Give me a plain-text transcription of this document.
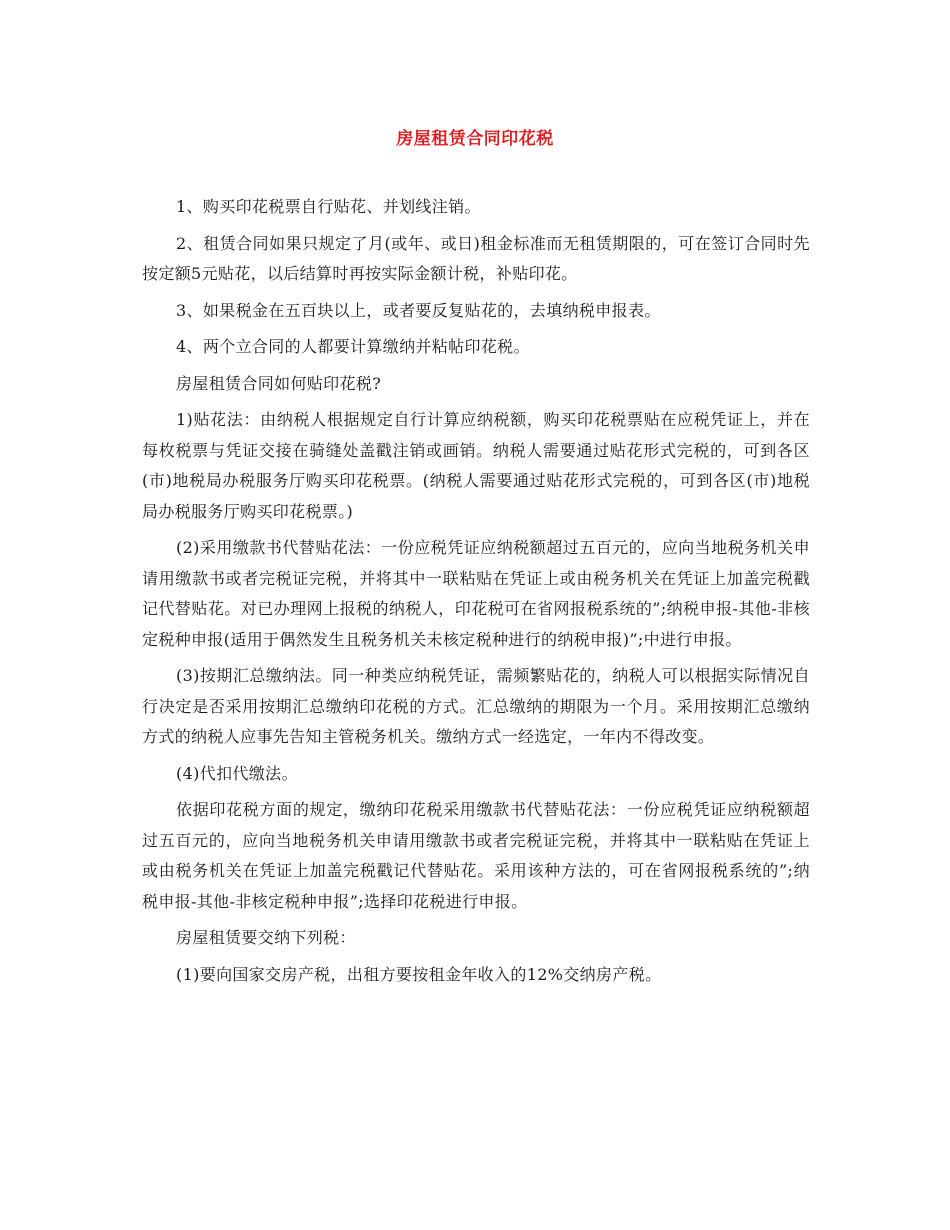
房屋租赁合同印花税

1、购买印花税票自行贴花、并划线注销。

2、租赁合同如果只规定了月(或年、或日)租金标准而无租赁期限的，可在签订合同时先按定额5元贴花，以后结算时再按实际金额计税，补贴印花。

3、如果税金在五百块以上，或者要反复贴花的，去填纳税申报表。

4、两个立合同的人都要计算缴纳并粘帖印花税。

房屋租赁合同如何贴印花税?

1)贴花法：由纳税人根据规定自行计算应纳税额，购买印花税票贴在应税凭证上，并在每枚税票与凭证交接在骑缝处盖戳注销或画销。纳税人需要通过贴花形式完税的，可到各区(市)地税局办税服务厅购买印花税票。(纳税人需要通过贴花形式完税的，可到各区(市)地税局办税服务厅购买印花税票。)

(2)采用缴款书代替贴花法：一份应税凭证应纳税额超过五百元的，应向当地税务机关申请用缴款书或者完税证完税，并将其中一联粘贴在凭证上或由税务机关在凭证上加盖完税戳记代替贴花。对已办理网上报税的纳税人，印花税可在省网报税系统的”;纳税申报-其他-非核定税种申报(适用于偶然发生且税务机关未核定税种进行的纳税申报)”;中进行申报。

(3)按期汇总缴纳法。同一种类应纳税凭证，需频繁贴花的，纳税人可以根据实际情况自行决定是否采用按期汇总缴纳印花税的方式。汇总缴纳的期限为一个月。采用按期汇总缴纳方式的纳税人应事先告知主管税务机关。缴纳方式一经选定，一年内不得改变。

(4)代扣代缴法。

依据印花税方面的规定，缴纳印花税采用缴款书代替贴花法：一份应税凭证应纳税额超过五百元的，应向当地税务机关申请用缴款书或者完税证完税，并将其中一联粘贴在凭证上或由税务机关在凭证上加盖完税戳记代替贴花。采用该种方法的，可在省网报税系统的”;纳税申报-其他-非核定税种申报”;选择印花税进行申报。

房屋租赁要交纳下列税：

(1)要向国家交房产税，出租方要按租金年收入的12%交纳房产税。
